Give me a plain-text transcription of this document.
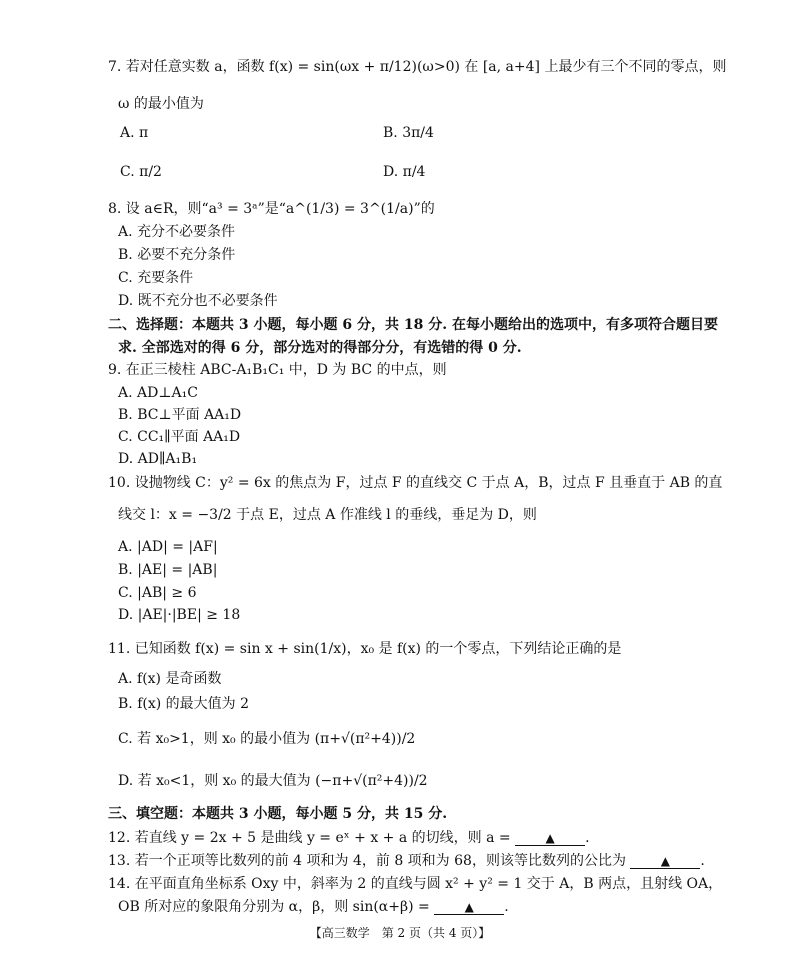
7. 若对任意实数 a，函数 f(x) = sin(ωx + π/12)(ω>0) 在 [a, a+4] 上最少有三个不同的零点，则
ω 的最小值为
A. π	B. 3π/4
C. π/2	D. π/4
8. 设 a∈R，则“a³ = 3ᵃ”是“a^(1/3) = 3^(1/a)”的
A. 充分不必要条件
B. 必要不充分条件
C. 充要条件
D. 既不充分也不必要条件
二、选择题：本题共 3 小题，每小题 6 分，共 18 分. 在每小题给出的选项中，有多项符合题目要
求. 全部选对的得 6 分，部分选对的得部分分，有选错的得 0 分.
9. 在正三棱柱 ABC-A₁B₁C₁ 中，D 为 BC 的中点，则
A. AD⊥A₁C
B. BC⊥平面 AA₁D
C. CC₁∥平面 AA₁D
D. AD∥A₁B₁
10. 设抛物线 C：y² = 6x 的焦点为 F，过点 F 的直线交 C 于点 A，B，过点 F 且垂直于 AB 的直
线交 l：x = −3/2 于点 E，过点 A 作准线 l 的垂线，垂足为 D，则
A. |AD| = |AF|
B. |AE| = |AB|
C. |AB| ≥ 6
D. |AE|·|BE| ≥ 18
11. 已知函数 f(x) = sin x + sin(1/x)，x₀ 是 f(x) 的一个零点，下列结论正确的是
A. f(x) 是奇函数
B. f(x) 的最大值为 2
C. 若 x₀>1，则 x₀ 的最小值为 (π+√(π²+4))/2
D. 若 x₀<1，则 x₀ 的最大值为 (−π+√(π²+4))/2
三、填空题：本题共 3 小题，每小题 5 分，共 15 分.
12. 若直线 y = 2x + 5 是曲线 y = eˣ + x + a 的切线，则 a =	▲ .
13. 若一个正项等比数列的前 4 项和为 4，前 8 项和为 68，则该等比数列的公比为	▲ .
14. 在平面直角坐标系 Oxy 中，斜率为 2 的直线与圆 x² + y² = 1 交于 A，B 两点，且射线 OA，
OB 所对应的象限角分别为 α，β，则 sin(α+β) =	▲ .
【高三数学　第 2 页（共 4 页）】
